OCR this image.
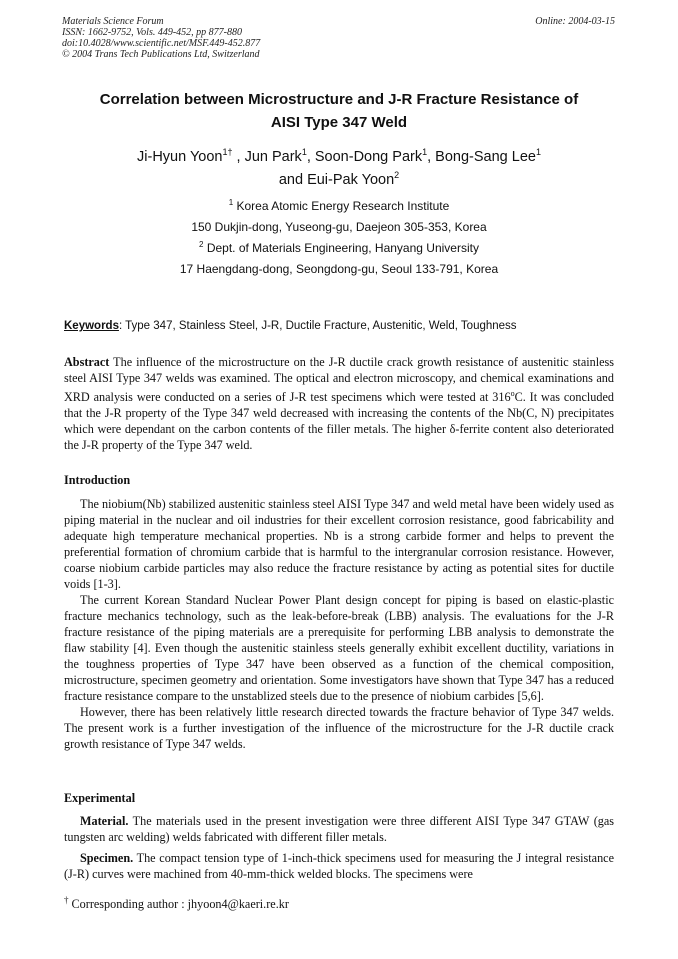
Materials Science Forum
ISSN: 1662-9752, Vols. 449-452, pp 877-880
doi:10.4028/www.scientific.net/MSF.449-452.877
© 2004 Trans Tech Publications Ltd, Switzerland
Online: 2004-03-15
Correlation between Microstructure and J-R Fracture Resistance of
AISI Type 347 Weld
Ji-Hyun Yoon$^{1\dagger}$ , Jun Park$^1$, Soon-Dong Park$^1$, Bong-Sang Lee$^1$
and Eui-Pak Yoon$^2$
$^1$ Korea Atomic Energy Research Institute
150 Dukjin-dong, Yuseong-gu, Daejeon 305-353, Korea
$^2$ Dept. of Materials Engineering, Hanyang University
17 Haengdang-dong, Seongdong-gu, Seoul 133-791, Korea
Keywords: Type 347, Stainless Steel, J-R, Ductile Fracture, Austenitic, Weld, Toughness

Abstract The influence of the microstructure on the J-R ductile crack growth resistance of austenitic stainless steel AISI Type 347 welds was examined. The optical and electron microscopy, and chemical examinations and XRD analysis were conducted on a series of J-R test specimens which were tested at 316$^o$C. It was concluded that the J-R property of the Type 347 weld decreased with increasing the contents of the Nb(C, N) precipitates which were dependant on the carbon contents of the filler metals. The higher δ-ferrite content also deteriorated the J-R property of the Type 347 weld.

Introduction

The niobium(Nb) stabilized austenitic stainless steel AISI Type 347 and weld metal have been widely used as piping material in the nuclear and oil industries for their excellent corrosion resistance, good fabricability and adequate high temperature mechanical properties. Nb is a strong carbide former and helps to prevent the preferential formation of chromium carbide that is harmful to the intergranular corrosion resistance. However, coarse niobium carbide particles may also reduce the fracture resistance by acting as potential sites for ductile voids [1-3].

The current Korean Standard Nuclear Power Plant design concept for piping is based on elastic-plastic fracture mechanics technology, such as the leak-before-break (LBB) analysis. The evaluations for the J-R fracture resistance of the piping materials are a prerequisite for performing LBB analysis to demonstrate the flaw stability [4]. Even though the austenitic stainless steels generally exhibit excellent ductility, variations in the toughness properties of Type 347 have been observed as a function of the chemical composition, microstructure, specimen geometry and orientation. Some investigators have shown that Type 347 has a reduced fracture resistance compare to the unstablized steels due to the presence of niobium carbides [5,6].

However, there has been relatively little research directed towards the fracture behavior of Type 347 welds. The present work is a further investigation of the influence of the microstructure for the J-R ductile crack growth resistance of Type 347 welds.

Experimental

Material. The materials used in the present investigation were three different AISI Type 347 GTAW (gas tungsten arc welding) welds fabricated with different filler metals.

Specimen. The compact tension type of 1-inch-thick specimens used for measuring the J integral resistance (J-R) curves were machined from 40-mm-thick welded blocks. The specimens were

† Corresponding author : jhyoon4@kaeri.re.kr
